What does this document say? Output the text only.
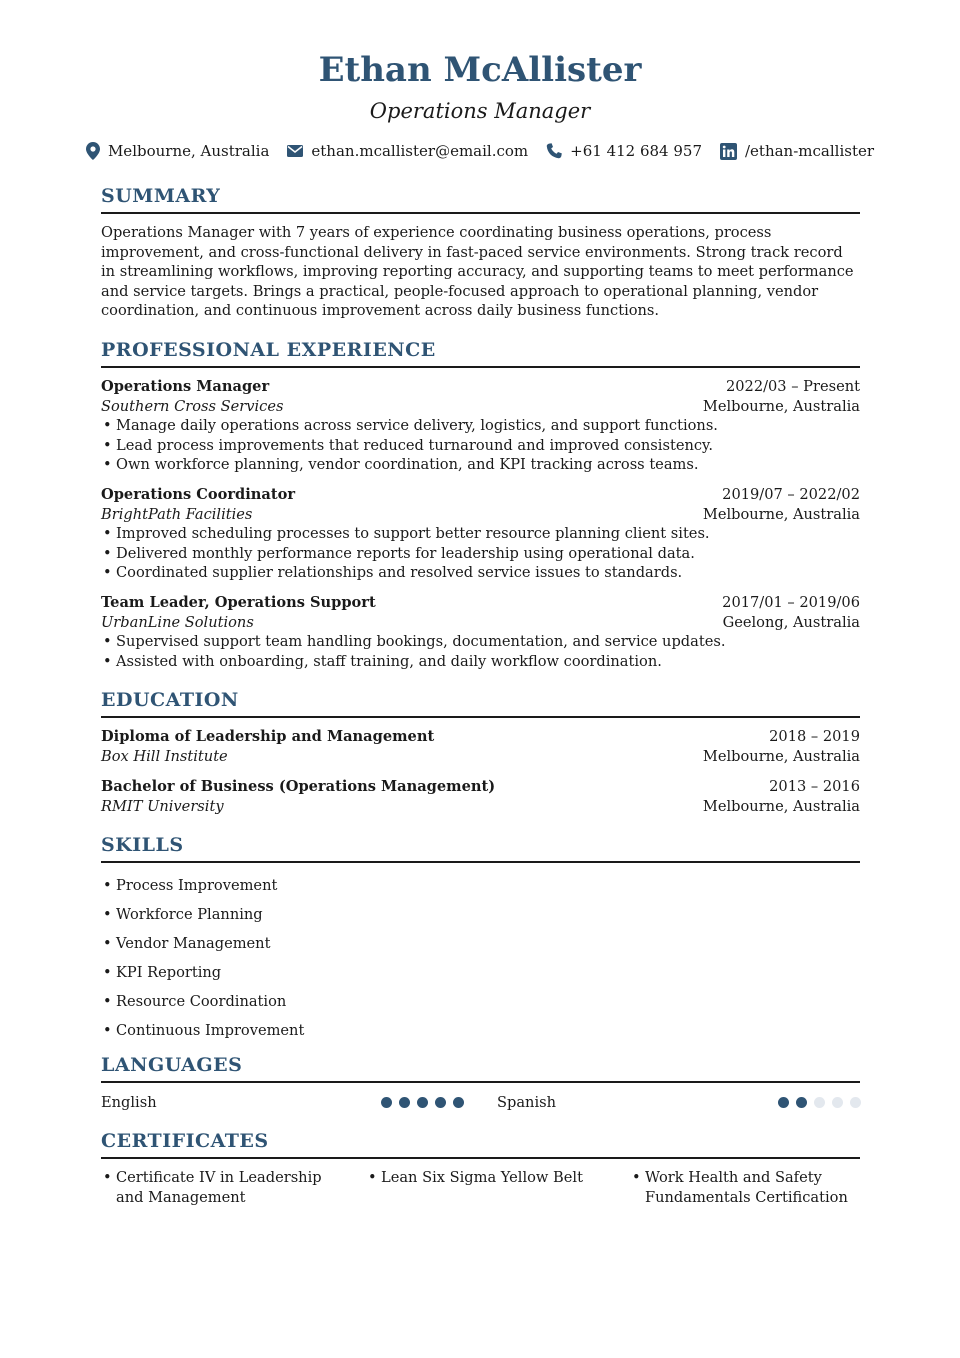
Ethan McAllister
Operations Manager
Melbourne, Australia	ethan.mcallister@email.com	+61 412 684 957	/ethan-mcallister
SUMMARY
Operations Manager with 7 years of experience coordinating business operations, process improvement, and cross-functional delivery in fast-paced service environments. Strong track record in streamlining workflows, improving reporting accuracy, and supporting teams to meet performance and service targets. Brings a practical, people-focused approach to operational planning, vendor coordination, and continuous improvement across daily business functions.
PROFESSIONAL EXPERIENCE
Operations Manager
Southern Cross Services
2022/03 – Present
Melbourne, Australia
• Manage daily operations across service delivery, logistics, and support functions.
• Lead process improvements that reduced turnaround and improved consistency.
• Own workforce planning, vendor coordination, and KPI tracking across teams.
Operations Coordinator
BrightPath Facilities
2019/07 – 2022/02
Melbourne, Australia
• Improved scheduling processes to support better resource planning client sites.
• Delivered monthly performance reports for leadership using operational data.
• Coordinated supplier relationships and resolved service issues to standards.
Team Leader, Operations Support
UrbanLine Solutions
2017/01 – 2019/06
Geelong, Australia
• Supervised support team handling bookings, documentation, and service updates.
• Assisted with onboarding, staff training, and daily workflow coordination.
EDUCATION
Diploma of Leadership and Management
Box Hill Institute
2018 – 2019
Melbourne, Australia
Bachelor of Business (Operations Management)
RMIT University
2013 – 2016
Melbourne, Australia
SKILLS
• Process Improvement
• Workforce Planning
• Vendor Management
• KPI Reporting
• Resource Coordination
• Continuous Improvement
LANGUAGES
English	Spanish
CERTIFICATES
• Certificate IV in Leadership and Management
• Lean Six Sigma Yellow Belt
•	Work Health and Safety Fundamentals Certification
